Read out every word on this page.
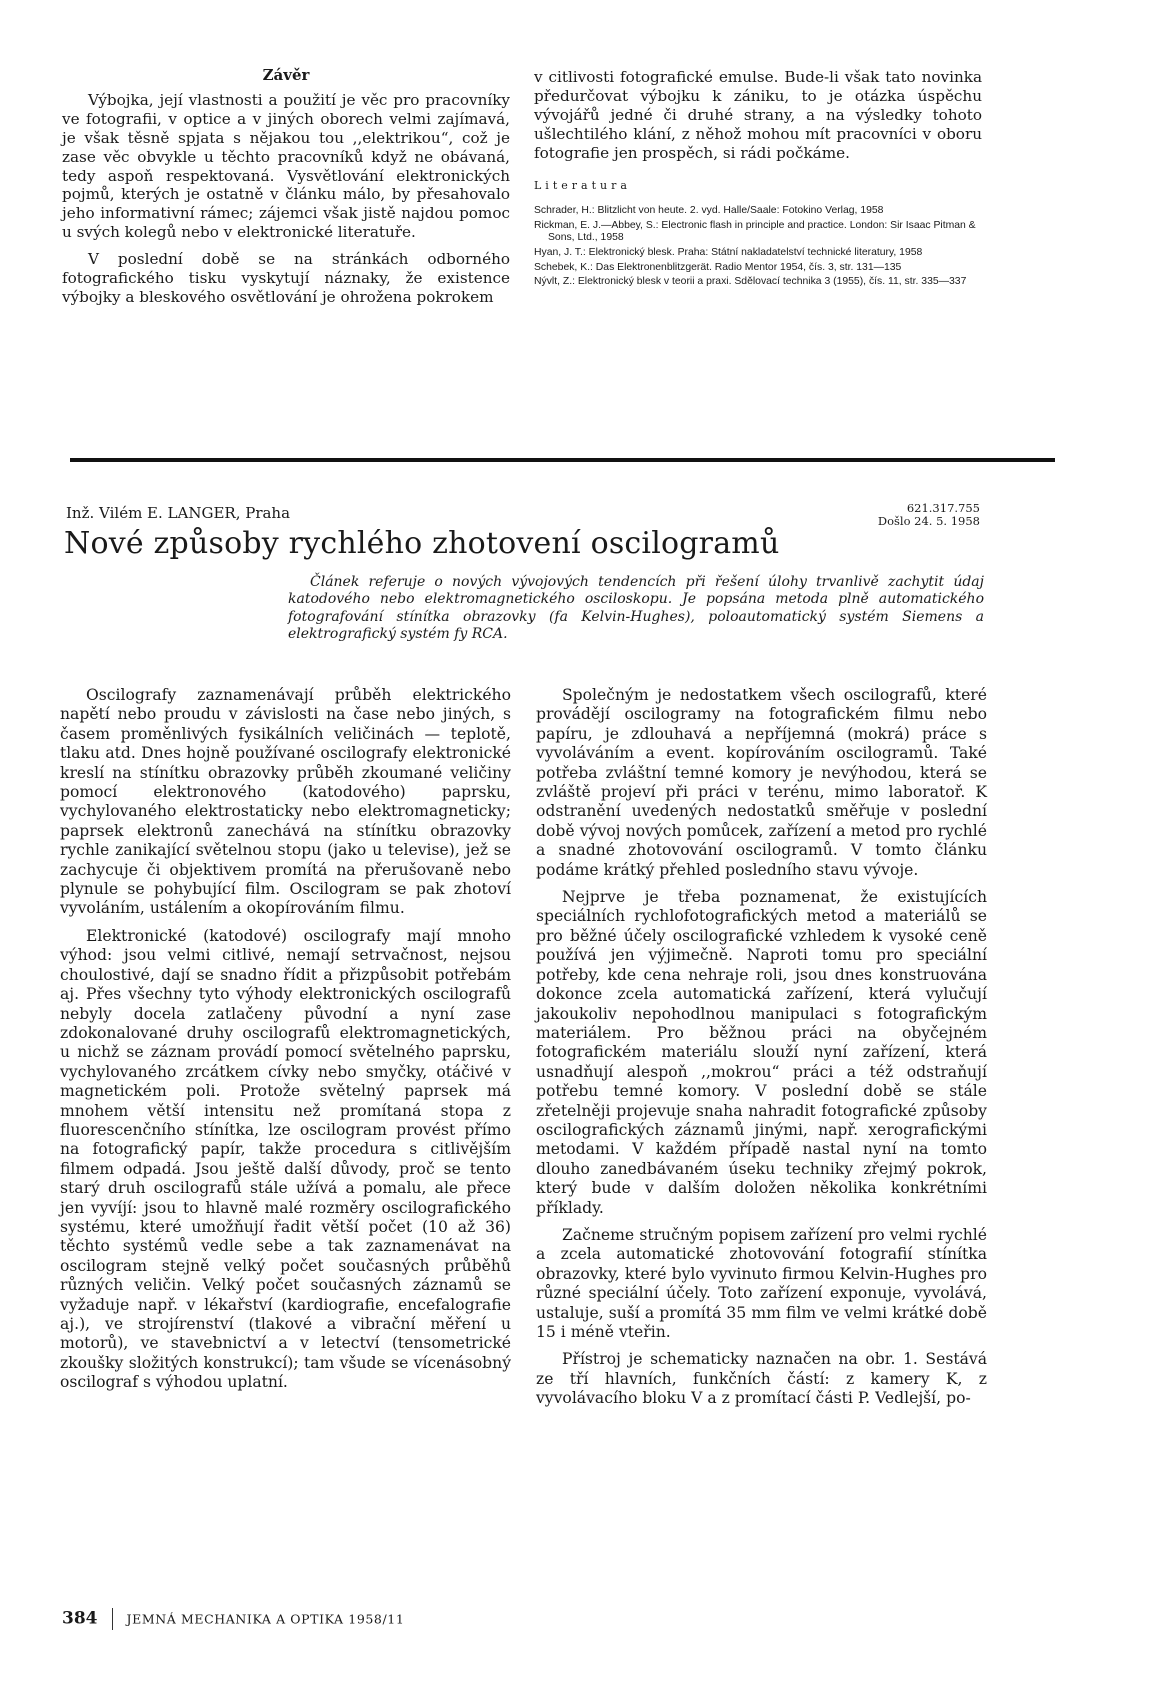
Závěr

Výbojka, její vlastnosti a použití je věc pro pracovníky ve fotografii, v optice a v jiných oborech velmi zajímavá, je však těsně spjata s nějakou tou ,,elektrikou“, což je zase věc obvykle u těchto pracovníků když ne obávaná, tedy aspoň respektovaná. Vysvětlování elektronických pojmů, kterých je ostatně v článku málo, by přesahovalo jeho informativní rámec; zájemci však jistě najdou pomoc u svých kolegů nebo v elektronické literatuře.

V poslední době se na stránkách odborného fotografického tisku vyskytují náznaky, že existence výbojky a bleskového osvětlování je ohrožena pokrokem

v citlivosti fotografické emulse. Bude-li však tato novinka předurčovat výbojku k zániku, to je otázka úspěchu vývojářů jedné či druhé strany, a na výsledky tohoto ušlechtilého klání, z něhož mohou mít pracovníci v oboru fotografie jen prospěch, si rádi počkáme.

Literatura
Schrader, H.: Blitzlicht von heute. 2. vyd. Halle/Saale: Fotokino Verlag, 1958
Rickman, E. J.—Abbey, S.: Electronic flash in principle and practice. London: Sir Isaac Pitman & Sons, Ltd., 1958
Hyan, J. T.: Elektronický blesk. Praha: Státní nakladatelství technické literatury, 1958
Schebek, K.: Das Elektronenblitzgerät. Radio Mentor 1954, čís. 3, str. 131—135
Nývlt, Z.: Elektronický blesk v teorii a praxi. Sdělovací technika 3 (1955), čís. 11, str. 335—337
Inž. Vilém E. LANGER, Praha	621.317.755
Došlo 24. 5. 1958
Nové způsoby rychlého zhotovení oscilogramů
Článek referuje o nových vývojových tendencích při řešení úlohy trvanlivě zachytit údaj katodového nebo elektromagnetického osciloskopu. Je popsána metoda plně automatického fotografování stínítka obrazovky (fa Kelvin-Hughes), poloautomatický systém Siemens a elektrografický systém fy RCA.

Oscilografy zaznamenávají průběh elektrického napětí nebo proudu v závislosti na čase nebo jiných, s časem proměnlivých fysikálních veličinách — teplotě, tlaku atd. Dnes hojně používané oscilografy elektronické kreslí na stínítku obrazovky průběh zkoumané veličiny pomocí elektronového (katodového) paprsku, vychylovaného elektrostaticky nebo elektromagneticky; paprsek elektronů zanechává na stínítku obrazovky rychle zanikající světelnou stopu (jako u televise), jež se zachycuje či objektivem promítá na přerušovaně nebo plynule se pohybující film. Oscilogram se pak zhotoví vyvoláním, ustálením a okopírováním filmu.

Elektronické (katodové) oscilografy mají mnoho výhod: jsou velmi citlivé, nemají setrvačnost, nejsou choulostivé, dají se snadno řídit a přizpůsobit potřebám aj. Přes všechny tyto výhody elektronických oscilografů nebyly docela zatlačeny původní a nyní zase zdokonalované druhy oscilografů elektromagnetických, u nichž se záznam provádí pomocí světelného paprsku, vychylovaného zrcátkem cívky nebo smyčky, otáčivé v magnetickém poli. Protože světelný paprsek má mnohem větší intensitu než promítaná stopa z fluorescenčního stínítka, lze oscilogram provést přímo na fotografický papír, takže procedura s citlivějším filmem odpadá. Jsou ještě další důvody, proč se tento starý druh oscilografů stále užívá a pomalu, ale přece jen vyvíjí: jsou to hlavně malé rozměry oscilografického systému, které umožňují řadit větší počet (10 až 36) těchto systémů vedle sebe a tak zaznamenávat na oscilogram stejně velký počet současných průběhů různých veličin. Velký počet současných záznamů se vyžaduje např. v lékařství (kardiografie, encefalografie aj.), ve strojírenství (tlakové a vibrační měření u motorů), ve stavebnictví a v letectví (tensometrické zkoušky složitých konstrukcí); tam všude se vícenásobný oscilograf s výhodou uplatní.

Společným je nedostatkem všech oscilografů, které provádějí oscilogramy na fotografickém filmu nebo papíru, je zdlouhavá a nepříjemná (mokrá) práce s vyvoláváním a event. kopírováním oscilogramů. Také potřeba zvláštní temné komory je nevýhodou, která se zvláště projeví při práci v terénu, mimo laboratoř. K odstranění uvedených nedostatků směřuje v poslední době vývoj nových pomůcek, zařízení a metod pro rychlé a snadné zhotovování oscilogramů. V tomto článku podáme krátký přehled posledního stavu vývoje.

Nejprve je třeba poznamenat, že existujících speciálních rychlofotografických metod a materiálů se pro běžné účely oscilografické vzhledem k vysoké ceně používá jen výjimečně. Naproti tomu pro speciální potřeby, kde cena nehraje roli, jsou dnes konstruována dokonce zcela automatická zařízení, která vylučují jakoukoliv nepohodlnou manipulaci s fotografickým materiálem. Pro běžnou práci na obyčejném fotografickém materiálu slouží nyní zařízení, která usnadňují alespoň ,,mokrou“ práci a též odstraňují potřebu temné komory. V poslední době se stále zřetelněji projevuje snaha nahradit fotografické způsoby oscilografických záznamů jinými, např. xerografickými metodami. V každém případě nastal nyní na tomto dlouho zanedbávaném úseku techniky zřejmý pokrok, který bude v dalším doložen několika konkrétními příklady.

Začneme stručným popisem zařízení pro velmi rychlé a zcela automatické zhotovování fotografií stínítka obrazovky, které bylo vyvinuto firmou Kelvin-Hughes pro různé speciální účely. Toto zařízení exponuje, vyvolává, ustaluje, suší a promítá 35 mm film ve velmi krátké době 15 i méně vteřin.

Přístroj je schematicky naznačen na obr. 1. Sestává ze tří hlavních, funkčních částí: z kamery K, z vyvolávacího bloku V a z promítací části P. Vedlejší, po-

384 JEMNÁ MECHANIKA A OPTIKA 1958/11
